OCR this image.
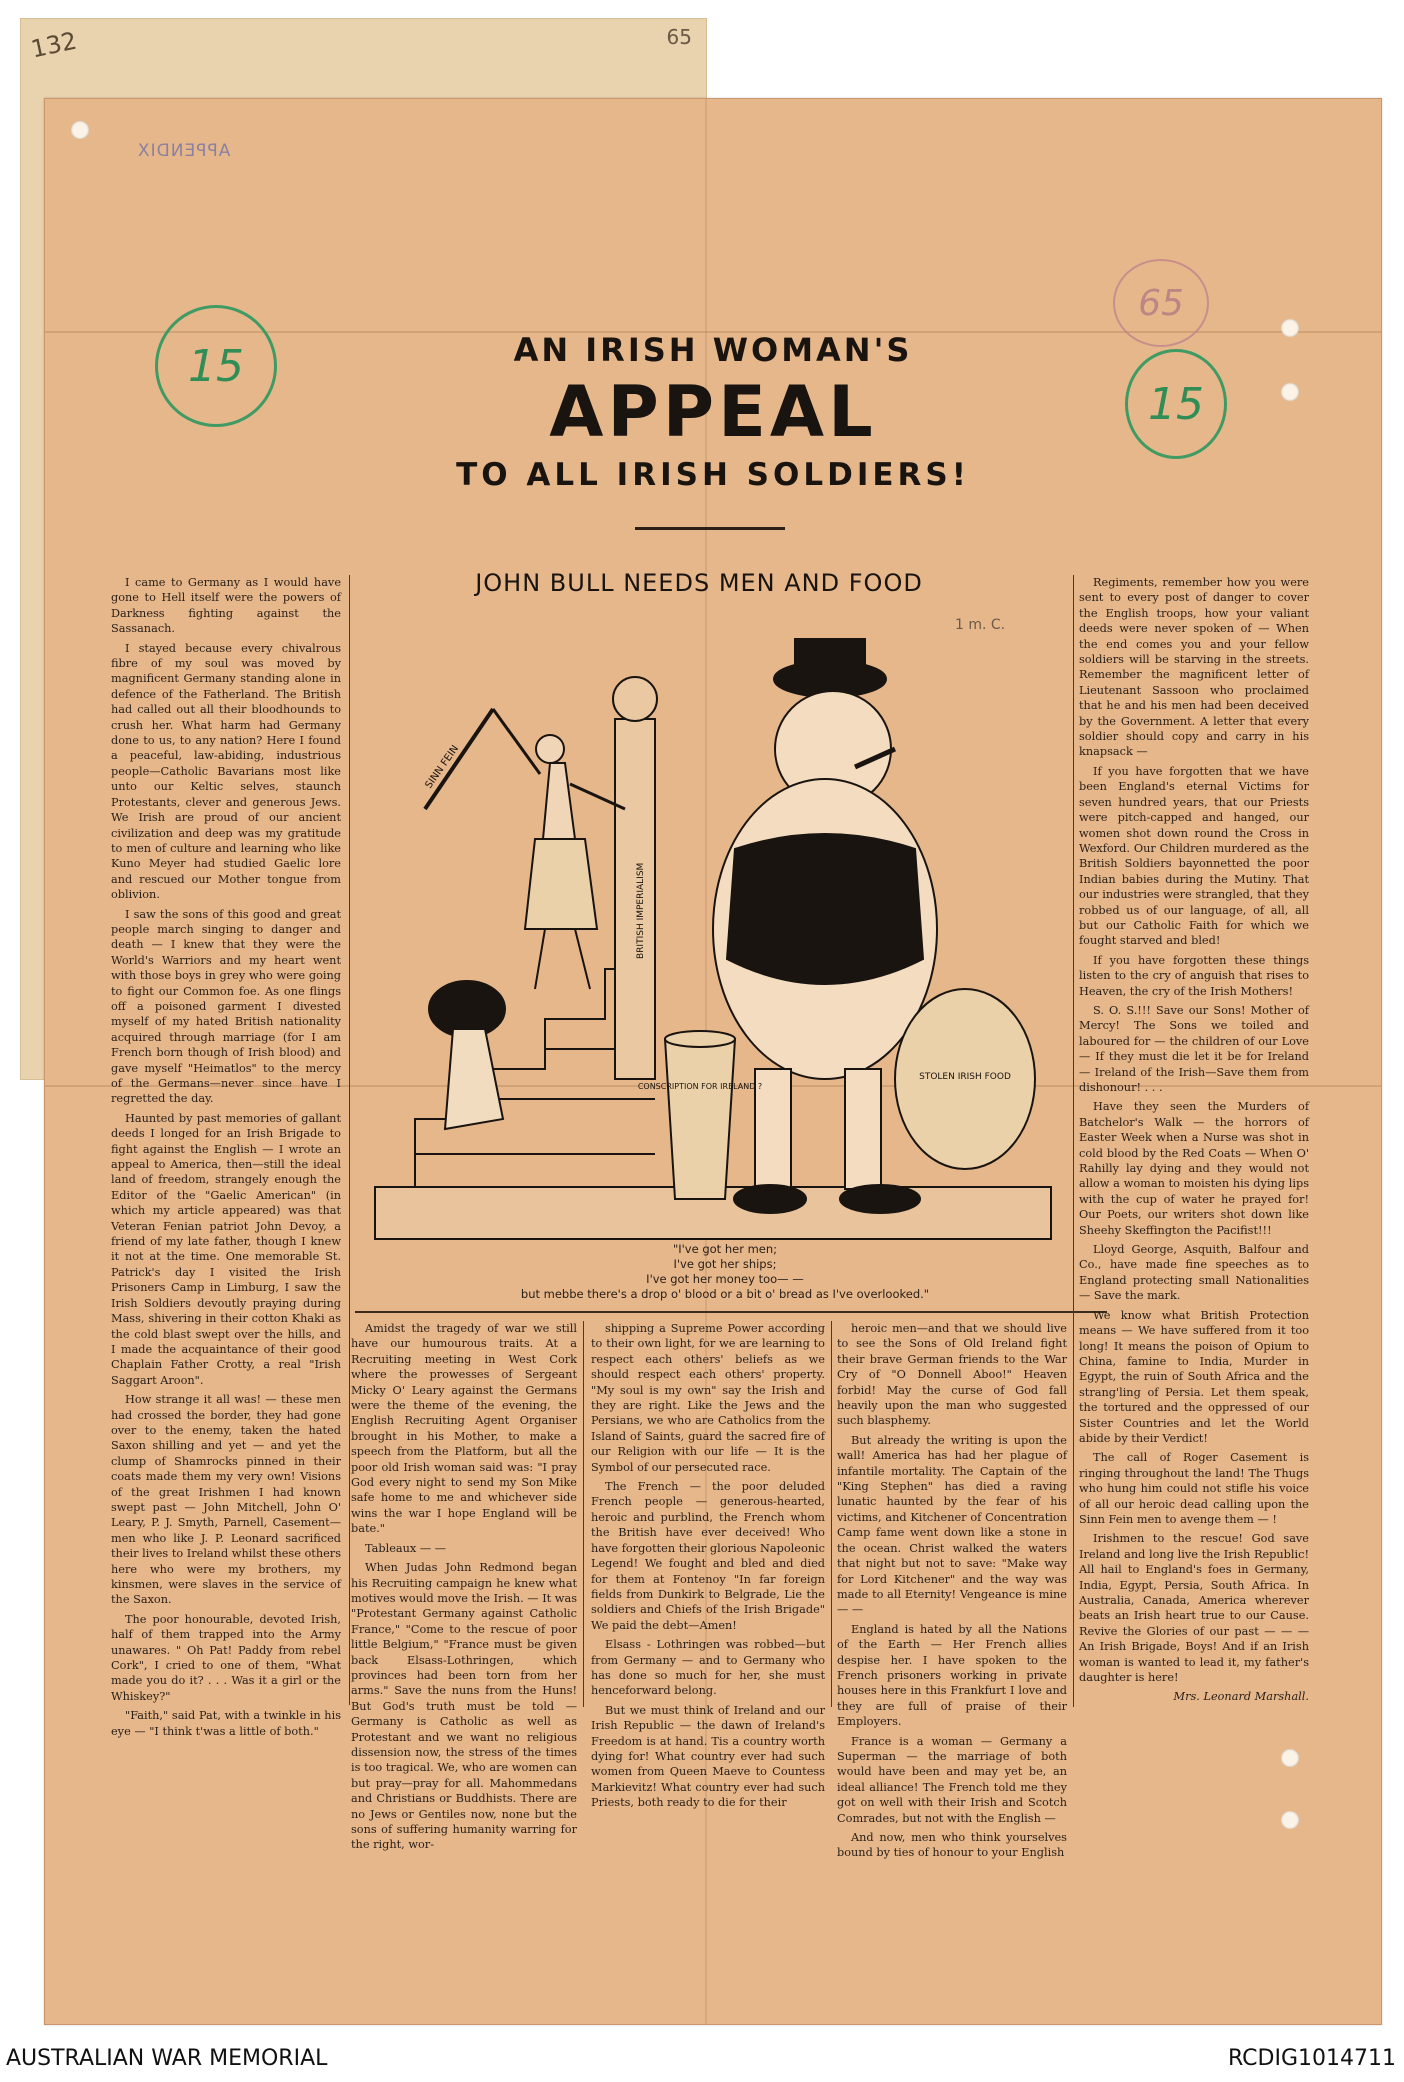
132	65
APPENDIX
15
65
15
AN IRISH WOMAN'S
APPEAL
TO ALL IRISH SOLDIERS!

I came to Germany as I would have gone to Hell itself were the powers of Darkness fighting against the Sassanach.

I stayed because every chivalrous fibre of my soul was moved by magnificent Germany standing alone in defence of the Fatherland. The British had called out all their bloodhounds to crush her. What harm had Germany done to us, to any nation? Here I found a peaceful, law-abiding, industrious people—Catholic Bavarians most like unto our Keltic selves, staunch Protestants, clever and generous Jews. We Irish are proud of our ancient civilization and deep was my gratitude to men of culture and learning who like Kuno Meyer had studied Gaelic lore and rescued our Mother tongue from oblivion.

I saw the sons of this good and great people march singing to danger and death — I knew that they were the World's Warriors and my heart went with those boys in grey who were going to fight our Common foe. As one flings off a poisoned garment I divested myself of my hated British nationality acquired through marriage (for I am French born though of Irish blood) and gave myself "Heimatlos" to the mercy of the Germans—never since have I regretted the day.

Haunted by past memories of gallant deeds I longed for an Irish Brigade to fight against the English — I wrote an appeal to America, then—still the ideal land of freedom, strangely enough the Editor of the "Gaelic American" (in which my article appeared) was that Veteran Fenian patriot John Devoy, a friend of my late father, though I knew it not at the time. One memorable St. Patrick's day I visited the Irish Prisoners Camp in Limburg, I saw the Irish Soldiers devoutly praying during Mass, shivering in their cotton Khaki as the cold blast swept over the hills, and I made the acquaintance of their good Chaplain Father Crotty, a real "Irish Saggart Aroon".

How strange it all was! — these men had crossed the border, they had gone over to the enemy, taken the hated Saxon shilling and yet — and yet the clump of Shamrocks pinned in their coats made them my very own! Visions of the great Irishmen I had known swept past — John Mitchell, John O' Leary, P. J. Smyth, Parnell, Casement—men who like J. P. Leonard sacrificed their lives to Ireland whilst these others here who were my brothers, my kinsmen, were slaves in the service of the Saxon.

The poor honourable, devoted Irish, half of them trapped into the Army unawares. " Oh Pat! Paddy from rebel Cork", I cried to one of them, "What made you do it? . . . Was it a girl or the Whiskey?"

"Faith," said Pat, with a twinkle in his eye — "I think t'was a little of both."

JOHN BULL NEEDS MEN AND FOOD
1 m. C.
SINN FEIN
BRITISH IMPERIALISM
CONSCRIPTION FOR IRELAND ?
STOLEN IRISH FOOD
"I've got her men;
I've got her ships;
I've got her money too— —
but mebbe there's a drop o' blood or a bit o' bread as I've overlooked."

Amidst the tragedy of war we still have our humourous traits. At a Recruiting meeting in West Cork where the prowesses of Sergeant Micky O' Leary against the Germans were the theme of the evening, the English Recruiting Agent Organiser brought in his Mother, to make a speech from the Platform, but all the poor old Irish woman said was: "I pray God every night to send my Son Mike safe home to me and whichever side wins the war I hope England will be bate."

Tableaux — —

When Judas John Redmond began his Recruiting campaign he knew what motives would move the Irish. — It was "Protestant Germany against Catholic France," "Come to the rescue of poor little Belgium," "France must be given back Elsass-Lothringen, which provinces had been torn from her arms." Save the nuns from the Huns! But God's truth must be told — Germany is Catholic as well as Protestant and we want no religious dissension now, the stress of the times is too tragical. We, who are women can but pray—pray for all. Mahommedans and Christians or Buddhists. There are no Jews or Gentiles now, none but the sons of suffering humanity warring for the right, wor-

shipping a Supreme Power according to their own light, for we are learning to respect each others' beliefs as we should respect each others' property. "My soul is my own" say the Irish and they are right. Like the Jews and the Persians, we who are Catholics from the Island of Saints, guard the sacred fire of our Religion with our life — It is the Symbol of our persecuted race.

The French — the poor deluded French people — generous-hearted, heroic and purblind, the French whom the British have ever deceived! Who have forgotten their glorious Napoleonic Legend! We fought and bled and died for them at Fontenoy "In far foreign fields from Dunkirk to Belgrade, Lie the soldiers and Chiefs of the Irish Brigade" We paid the debt—Amen!

Elsass - Lothringen was robbed—but from Germany — and to Germany who has done so much for her, she must henceforward belong.

But we must think of Ireland and our Irish Republic — the dawn of Ireland's Freedom is at hand. Tis a country worth dying for! What country ever had such women from Queen Maeve to Countess Markievitz! What country ever had such Priests, both ready to die for their

heroic men—and that we should live to see the Sons of Old Ireland fight their brave German friends to the War Cry of "O Donnell Aboo!" Heaven forbid! May the curse of God fall heavily upon the man who suggested such blasphemy.

But already the writing is upon the wall! America has had her plague of infantile mortality. The Captain of the "King Stephen" has died a raving lunatic haunted by the fear of his victims, and Kitchener of Concentration Camp fame went down like a stone in the ocean. Christ walked the waters that night but not to save: "Make way for Lord Kitchener" and the way was made to all Eternity! Vengeance is mine — —

England is hated by all the Nations of the Earth — Her French allies despise her. I have spoken to the French prisoners working in private houses here in this Frankfurt I love and they are full of praise of their Employers.

France is a woman — Germany a Superman — the marriage of both would have been and may yet be, an ideal alliance! The French told me they got on well with their Irish and Scotch Comrades, but not with the English —

And now, men who think yourselves bound by ties of honour to your English

Regiments, remember how you were sent to every post of danger to cover the English troops, how your valiant deeds were never spoken of — When the end comes you and your fellow soldiers will be starving in the streets. Remember the magnificent letter of Lieutenant Sassoon who proclaimed that he and his men had been deceived by the Government. A letter that every soldier should copy and carry in his knapsack —

If you have forgotten that we have been England's eternal Victims for seven hundred years, that our Priests were pitch-capped and hanged, our women shot down round the Cross in Wexford. Our Children murdered as the British Soldiers bayonnetted the poor Indian babies during the Mutiny. That our industries were strangled, that they robbed us of our language, of all, all but our Catholic Faith for which we fought starved and bled!

If you have forgotten these things listen to the cry of anguish that rises to Heaven, the cry of the Irish Mothers!

S. O. S.!!! Save our Sons! Mother of Mercy! The Sons we toiled and laboured for — the children of our Love — If they must die let it be for Ireland — Ireland of the Irish—Save them from dishonour! . . .

Have they seen the Murders of Batchelor's Walk — the horrors of Easter Week when a Nurse was shot in cold blood by the Red Coats — When O' Rahilly lay dying and they would not allow a woman to moisten his dying lips with the cup of water he prayed for! Our Poets, our writers shot down like Sheehy Skeffington the Pacifist!!!

Lloyd George, Asquith, Balfour and Co., have made fine speeches as to England protecting small Nationalities — Save the mark.

We know what British Protection means — We have suffered from it too long! It means the poison of Opium to China, famine to India, Murder in Egypt, the ruin of South Africa and the strang'ling of Persia. Let them speak, the tortured and the oppressed of our Sister Countries and let the World abide by their Verdict!

The call of Roger Casement is ringing throughout the land! The Thugs who hung him could not stifle his voice of all our heroic dead calling upon the Sinn Fein men to avenge them — !

Irishmen to the rescue! God save Ireland and long live the Irish Republic! All hail to England's foes in Germany, India, Egypt, Persia, South Africa. In Australia, Canada, America wherever beats an Irish heart true to our Cause. Revive the Glories of our past — — — An Irish Brigade, Boys! And if an Irish woman is wanted to lead it, my father's daughter is here!

Mrs. Leonard Marshall.
AUSTRALIAN WAR MEMORIAL	RCDIG1014711
